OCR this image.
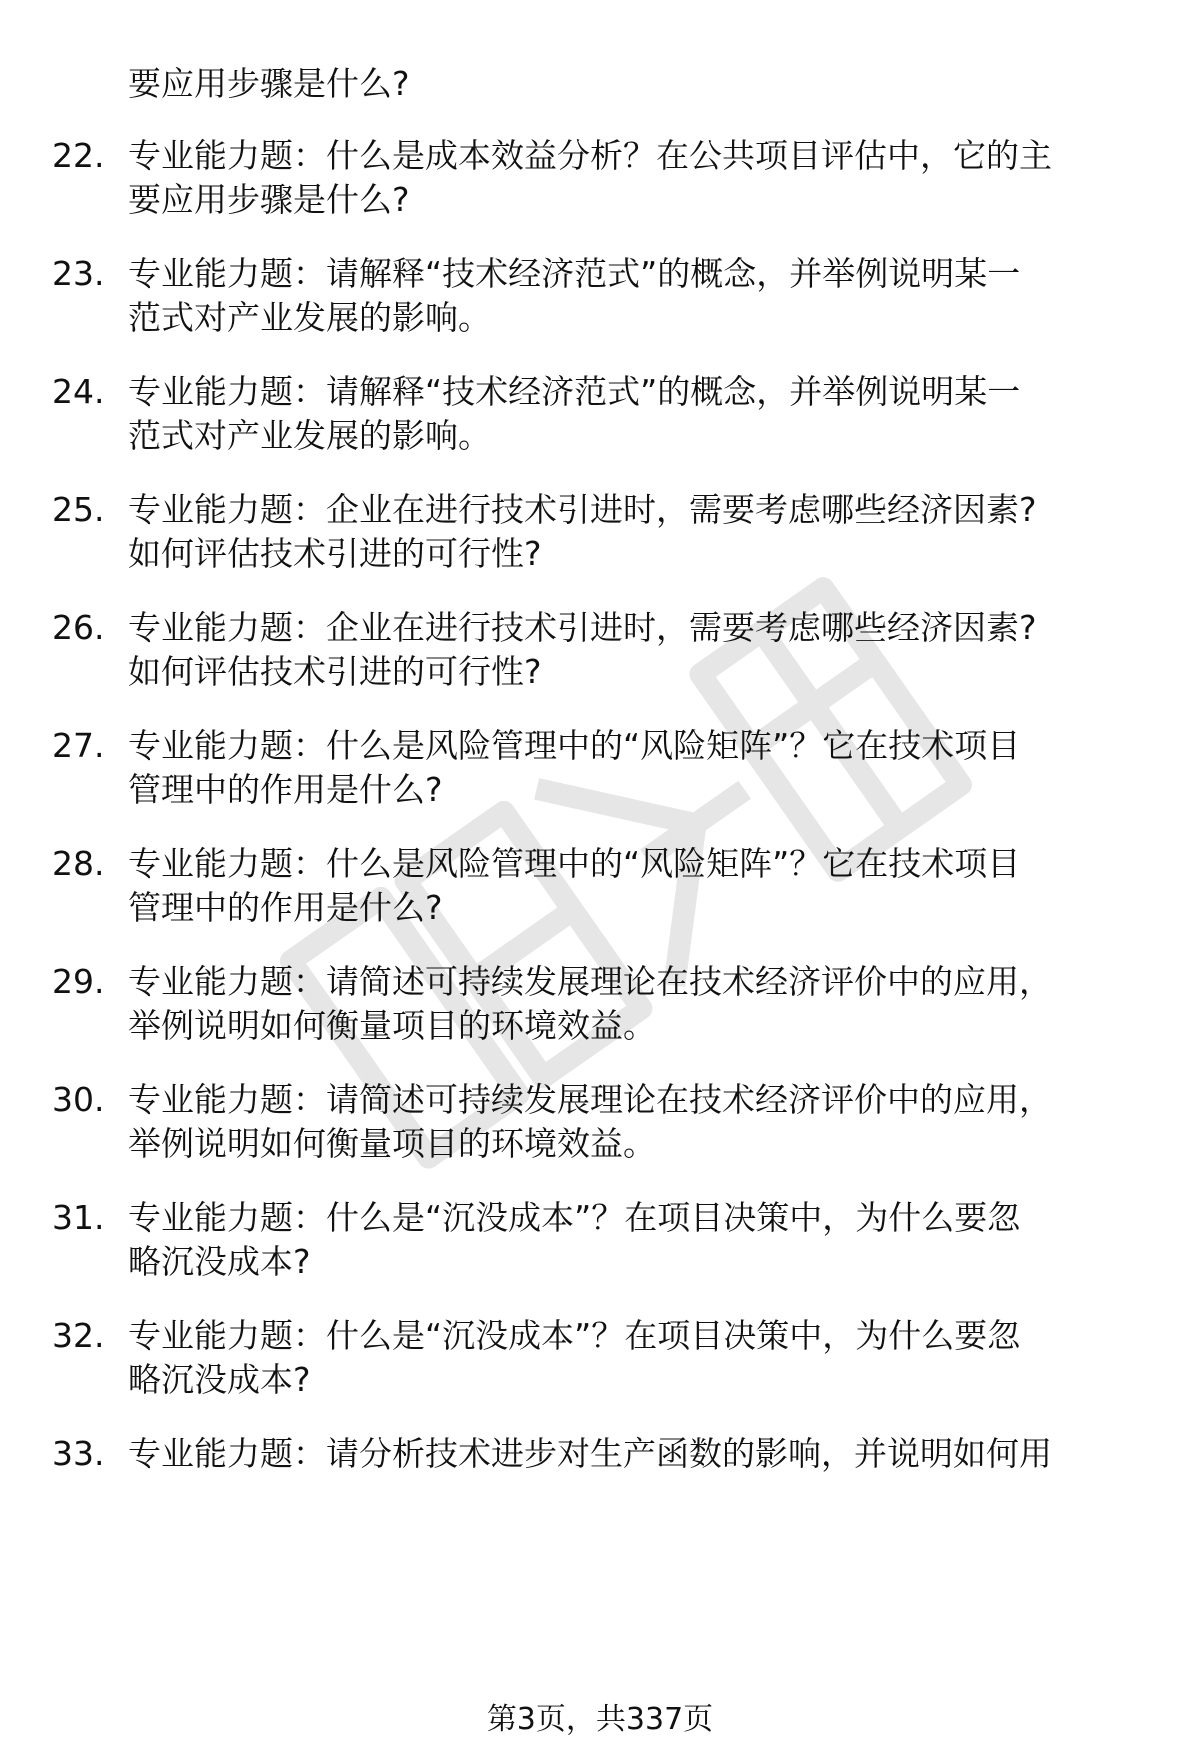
要应用步骤是什么?
22. 专业能力题：什么是成本效益分析？在公共项目评估中，它的主
要应用步骤是什么?
23. 专业能力题：请解释“技术经济范式”的概念，并举例说明某一
范式对产业发展的影响。
24. 专业能力题：请解释“技术经济范式”的概念，并举例说明某一
范式对产业发展的影响。
25. 专业能力题：企业在进行技术引进时，需要考虑哪些经济因素?
如何评估技术引进的可行性?
26. 专业能力题：企业在进行技术引进时，需要考虑哪些经济因素?
如何评估技术引进的可行性?
27. 专业能力题：什么是风险管理中的“风险矩阵”？它在技术项目
管理中的作用是什么?
28. 专业能力题：什么是风险管理中的“风险矩阵”？它在技术项目
管理中的作用是什么?
29. 专业能力题：请简述可持续发展理论在技术经济评价中的应用，
举例说明如何衡量项目的环境效益。
30. 专业能力题：请简述可持续发展理论在技术经济评价中的应用，
举例说明如何衡量项目的环境效益。
31. 专业能力题：什么是“沉没成本”？在项目决策中，为什么要忽
略沉没成本?
32. 专业能力题：什么是“沉没成本”？在项目决策中，为什么要忽
略沉没成本?
33. 专业能力题：请分析技术进步对生产函数的影响，并说明如何用
第3页，共337页
